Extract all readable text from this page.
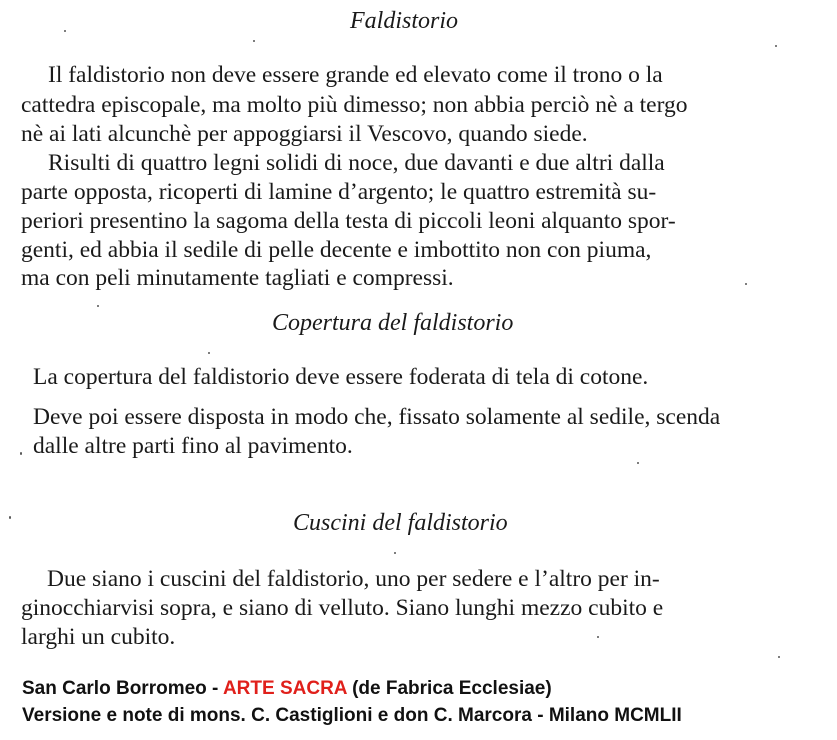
Faldistorio
Il faldistorio non deve essere grande ed elevato come il trono o la
cattedra episcopale, ma molto più dimesso; non abbia perciò nè a tergo
nè ai lati alcunchè per appoggiarsi il Vescovo, quando siede.
Risulti di quattro legni solidi di noce, due davanti e due altri dalla
parte opposta, ricoperti di lamine d’argento; le quattro estremità su-
periori presentino la sagoma della testa di piccoli leoni alquanto spor-
genti, ed abbia il sedile di pelle decente e imbottito non con piuma,
ma con peli minutamente tagliati e compressi.
Copertura del faldistorio
La copertura del faldistorio deve essere foderata di tela di cotone.
Deve poi essere disposta in modo che, fissato solamente al sedile, scenda
dalle altre parti fino al pavimento.
Cuscini del faldistorio
Due siano i cuscini del faldistorio, uno per sedere e l’altro per in-
ginocchiarvisi sopra, e siano di velluto. Siano lunghi mezzo cubito e
larghi un cubito.
San Carlo Borromeo - ARTE SACRA (de Fabrica Ecclesiae)
Versione e note di mons. C. Castiglioni e don C. Marcora - Milano MCMLII
